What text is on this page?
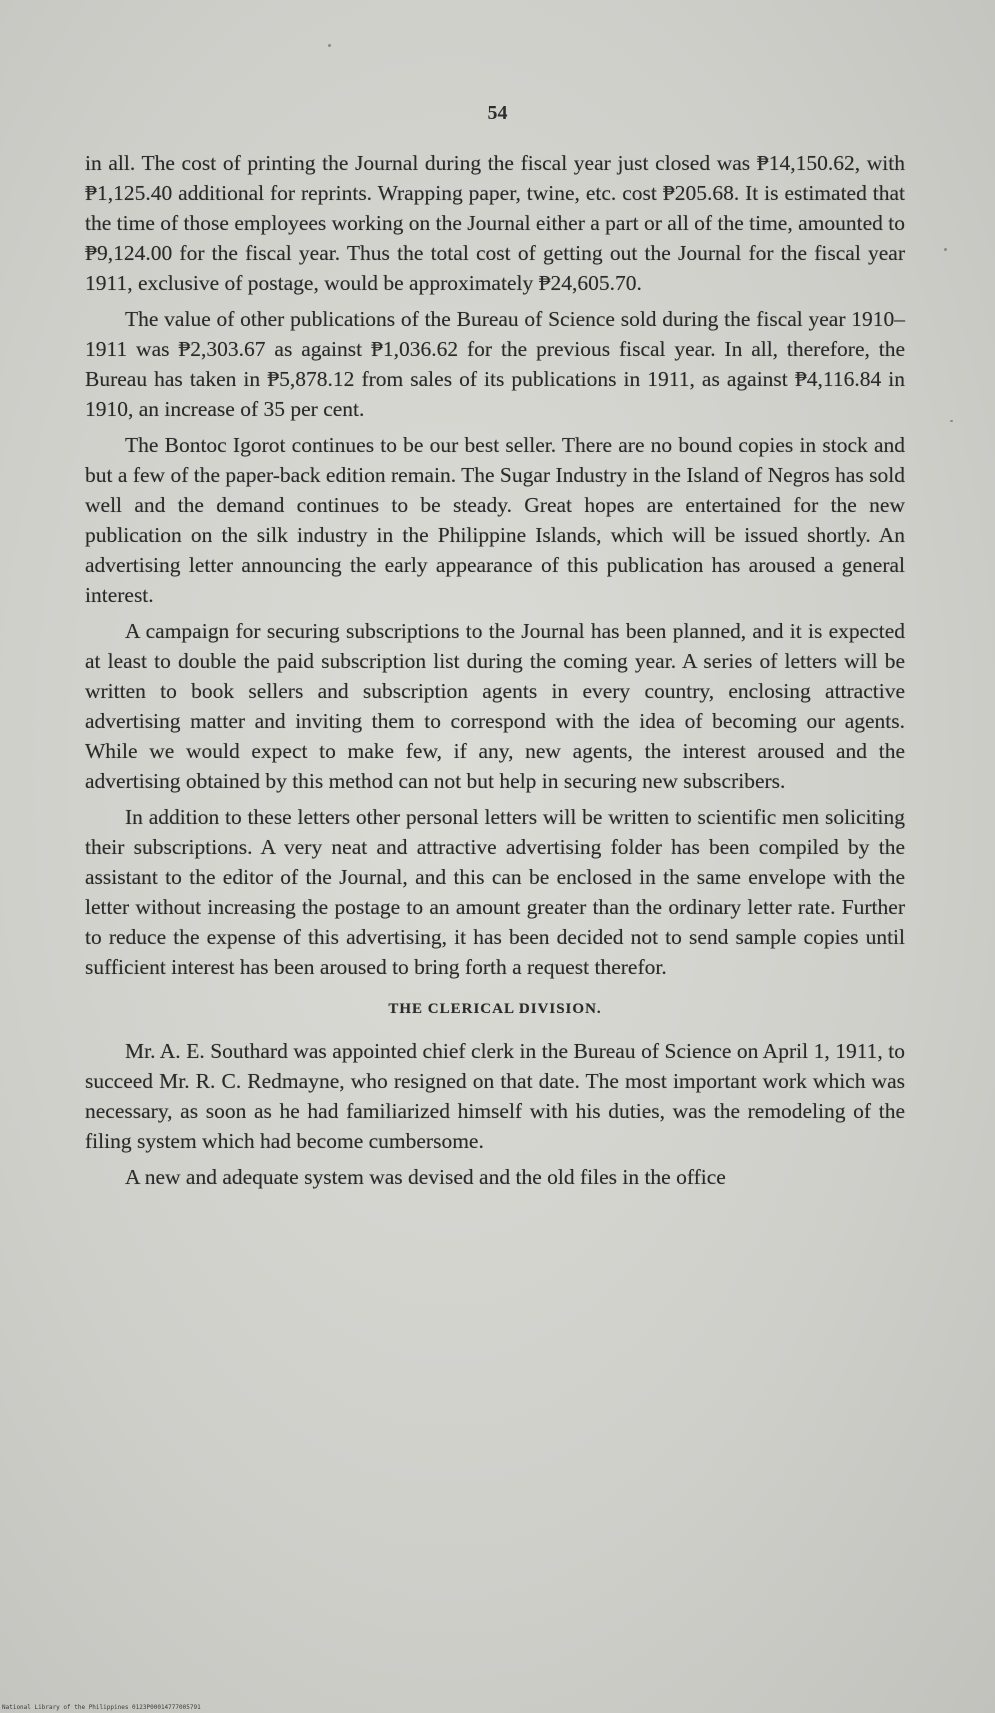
54

in all. The cost of printing the Journal during the fiscal year just closed was ₱14,150.62, with ₱1,125.40 additional for reprints. Wrapping paper, twine, etc. cost ₱205.68. It is estimated that the time of those employees working on the Journal either a part or all of the time, amounted to ₱9,124.00 for the fiscal year. Thus the total cost of getting out the Journal for the fiscal year 1911, exclusive of postage, would be approximately ₱24,605.70.

The value of other publications of the Bureau of Science sold during the fiscal year 1910–1911 was ₱2,303.67 as against ₱1,036.62 for the previous fiscal year. In all, therefore, the Bureau has taken in ₱5,878.12 from sales of its publications in 1911, as against ₱4,116.84 in 1910, an increase of 35 per cent.

The Bontoc Igorot continues to be our best seller. There are no bound copies in stock and but a few of the paper-back edition remain. The Sugar Industry in the Island of Negros has sold well and the demand continues to be steady. Great hopes are entertained for the new publication on the silk industry in the Philippine Islands, which will be issued shortly. An advertising letter announcing the early appearance of this publication has aroused a general interest.

A campaign for securing subscriptions to the Journal has been planned, and it is expected at least to double the paid subscription list during the coming year. A series of letters will be written to book sellers and subscription agents in every country, enclosing attractive advertising matter and inviting them to correspond with the idea of becoming our agents. While we would expect to make few, if any, new agents, the interest aroused and the advertising obtained by this method can not but help in securing new subscribers.

In addition to these letters other personal letters will be written to scientific men soliciting their subscriptions. A very neat and attractive advertising folder has been compiled by the assistant to the editor of the Journal, and this can be enclosed in the same envelope with the letter without increasing the postage to an amount greater than the ordinary letter rate. Further to reduce the expense of this advertising, it has been decided not to send sample copies until sufficient interest has been aroused to bring forth a request therefor.

THE CLERICAL DIVISION.

Mr. A. E. Southard was appointed chief clerk in the Bureau of Science on April 1, 1911, to succeed Mr. R. C. Redmayne, who resigned on that date. The most important work which was necessary, as soon as he had familiarized himself with his duties, was the remodeling of the filing system which had become cumbersome.

A new and adequate system was devised and the old files in the office

National Library of the Philippines 0123P00014777005791
